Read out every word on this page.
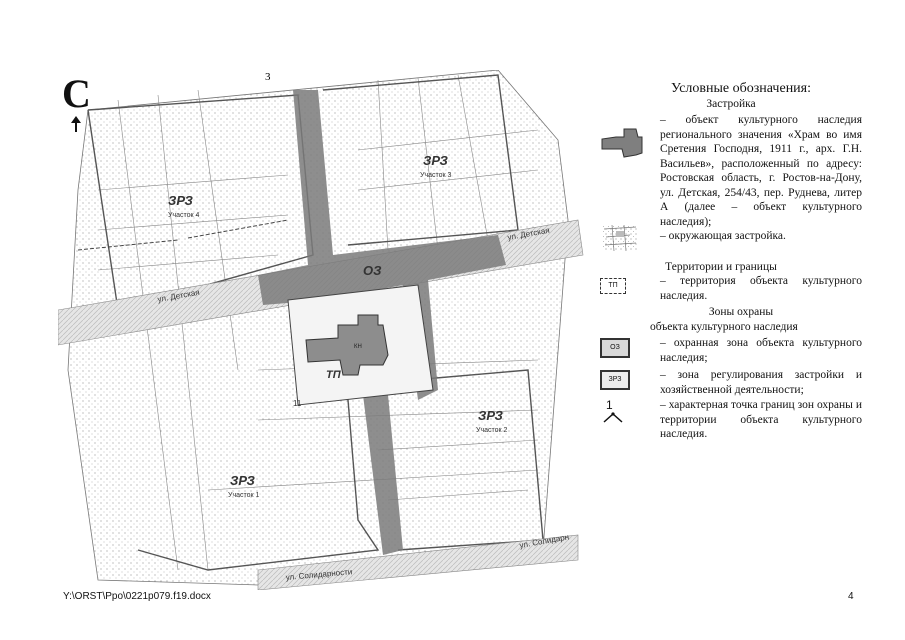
3
ЗРЗ
Участок 4
ЗРЗ
Участок 3
ОЗ
ТП
КН
ЗРЗ
Участок 2
ЗРЗ
Участок 1
ул. Детская
ул. Детская
ул. Солидарности
ул. Солидарн
11
С	Условные обозначения:
Застройка
– объект культурного наследия регионального значения «Храм во имя Сретения Господня, 1911 г., арх. Г.Н. Васильев», расположенный по адресу: Ростовская область, г. Ростов-на-Дону, ул. Детская, 254/43, пер. Руднева, литер А (далее – объект культурного наследия);
– окружающая застройка.
Территории и границы
ТП	– территория объекта культурного наследия.
Зоны охраны
объекта культурного наследия
ОЗ	– охранная зона объекта культурного наследия;
ЗРЗ	– зона регулирования застройки и хозяйственной деятельности;
1	– характерная точка границ зон охраны и территории объекта культурного наследия.
Y:\ORST\Ppo\0221p079.f19.docx	4
